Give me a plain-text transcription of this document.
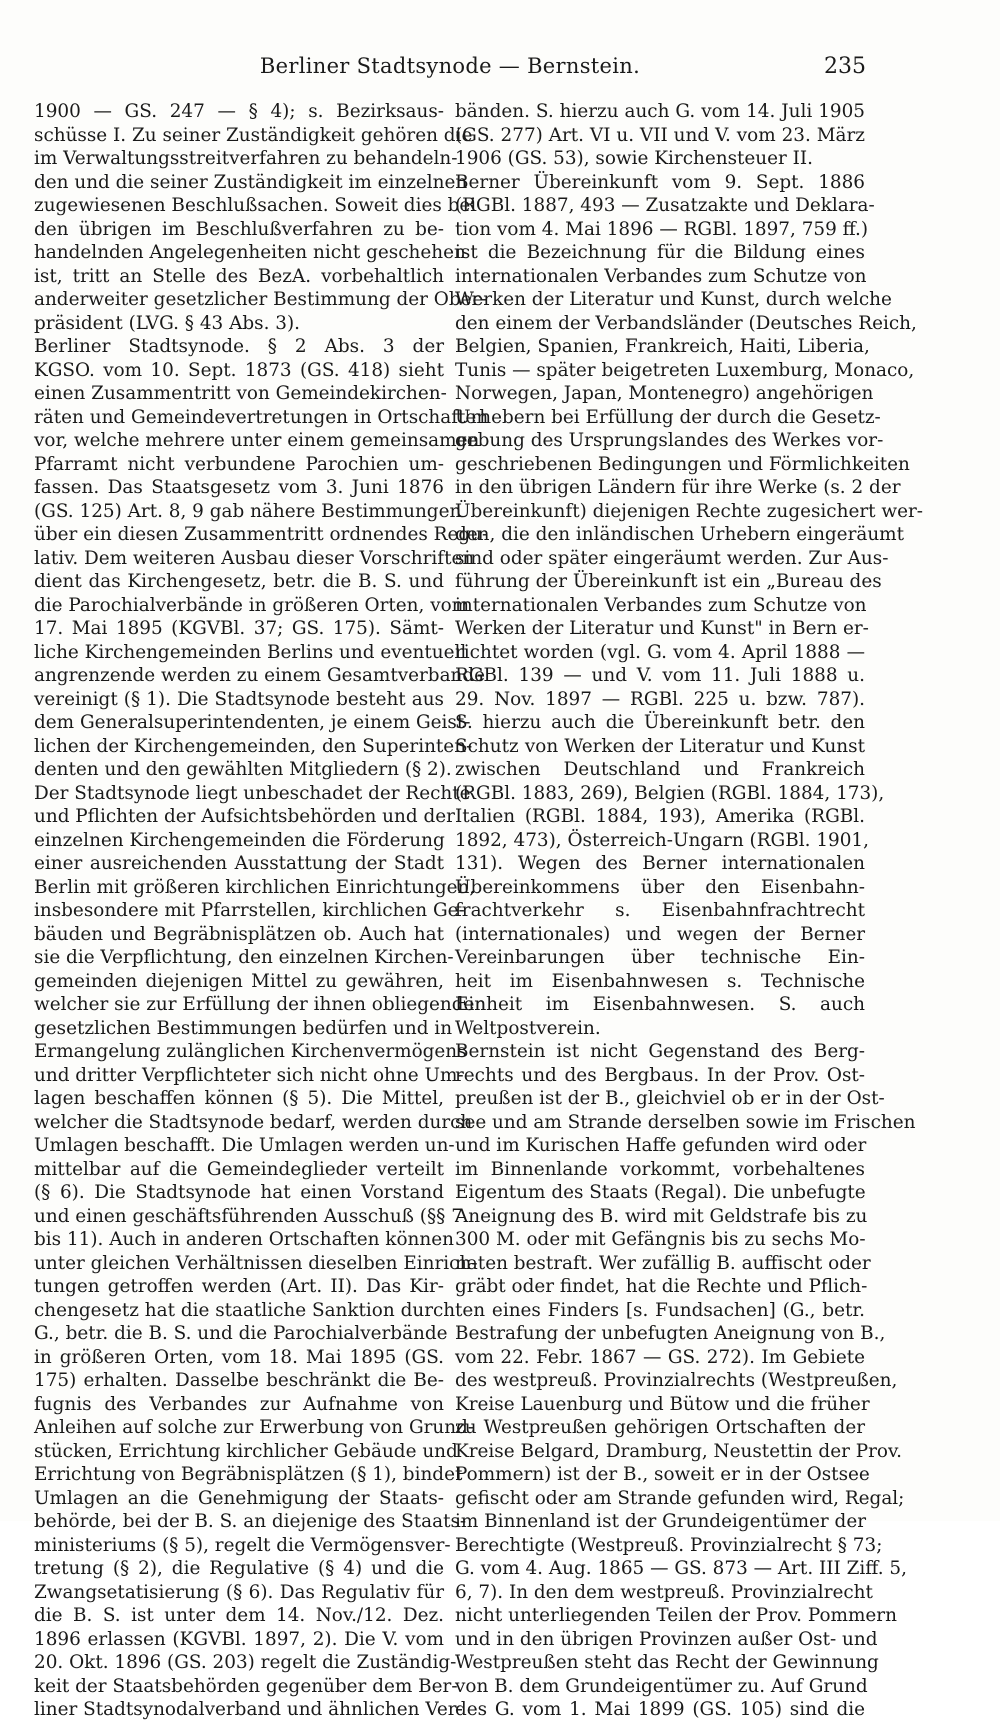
Berliner Stadtsynode — Bernstein.	235
1900 — GS. 247 — § 4); s. Bezirksaus-
schüsse I. Zu seiner Zuständigkeit gehören die
im Verwaltungsstreitverfahren zu behandeln-
den und die seiner Zuständigkeit im einzelnen
zugewiesenen Beschlußsachen. Soweit dies bei
den übrigen im Beschlußverfahren zu be-
handelnden Angelegenheiten nicht geschehen
ist, tritt an Stelle des BezA. vorbehaltlich
anderweiter gesetzlicher Bestimmung der Ober-
präsident (LVG. § 43 Abs. 3).
Berliner Stadtsynode. § 2 Abs. 3 der
KGSO. vom 10. Sept. 1873 (GS. 418) sieht
einen Zusammentritt von Gemeindekirchen-
räten und Gemeindevertretungen in Ortschaften
vor, welche mehrere unter einem gemeinsamen
Pfarramt nicht verbundene Parochien um-
fassen. Das Staatsgesetz vom 3. Juni 1876
(GS. 125) Art. 8, 9 gab nähere Bestimmungen
über ein diesen Zusammentritt ordnendes Regu-
lativ. Dem weiteren Ausbau dieser Vorschriften
dient das Kirchengesetz, betr. die B. S. und
die Parochialverbände in größeren Orten, vom
17. Mai 1895 (KGVBl. 37; GS. 175). Sämt-
liche Kirchengemeinden Berlins und eventuell
angrenzende werden zu einem Gesamtverbande
vereinigt (§ 1). Die Stadtsynode besteht aus
dem Generalsuperintendenten, je einem Geist-
lichen der Kirchengemeinden, den Superinten-
denten und den gewählten Mitgliedern (§ 2).
Der Stadtsynode liegt unbeschadet der Rechte
und Pflichten der Aufsichtsbehörden und der
einzelnen Kirchengemeinden die Förderung
einer ausreichenden Ausstattung der Stadt
Berlin mit größeren kirchlichen Einrichtungen,
insbesondere mit Pfarrstellen, kirchlichen Ge-
bäuden und Begräbnisplätzen ob. Auch hat
sie die Verpflichtung, den einzelnen Kirchen-
gemeinden diejenigen Mittel zu gewähren,
welcher sie zur Erfüllung der ihnen obliegenden
gesetzlichen Bestimmungen bedürfen und in
Ermangelung zulänglichen Kirchenvermögens
und dritter Verpflichteter sich nicht ohne Um-
lagen beschaffen können (§ 5). Die Mittel,
welcher die Stadtsynode bedarf, werden durch
Umlagen beschafft. Die Umlagen werden un-
mittelbar auf die Gemeindeglieder verteilt
(§ 6). Die Stadtsynode hat einen Vorstand
und einen geschäftsführenden Ausschuß (§§ 7
bis 11). Auch in anderen Ortschaften können
unter gleichen Verhältnissen dieselben Einrich-
tungen getroffen werden (Art. II). Das Kir-
chengesetz hat die staatliche Sanktion durch
G., betr. die B. S. und die Parochialverbände
in größeren Orten, vom 18. Mai 1895 (GS.
175) erhalten. Dasselbe beschränkt die Be-
fugnis des Verbandes zur Aufnahme von
Anleihen auf solche zur Erwerbung von Grund-
stücken, Errichtung kirchlicher Gebäude und
Errichtung von Begräbnisplätzen (§ 1), bindet
Umlagen an die Genehmigung der Staats-
behörde, bei der B. S. an diejenige des Staats-
ministeriums (§ 5), regelt die Vermögensver-
tretung (§ 2), die Regulative (§ 4) und die
Zwangsetatisierung (§ 6). Das Regulativ für
die B. S. ist unter dem 14. Nov./12. Dez.
1896 erlassen (KGVBl. 1897, 2). Die V. vom
20. Okt. 1896 (GS. 203) regelt die Zuständig-
keit der Staatsbehörden gegenüber dem Ber-
liner Stadtsynodalverband und ähnlichen Ver-
bänden. S. hierzu auch G. vom 14. Juli 1905
(GS. 277) Art. VI u. VII und V. vom 23. März
1906 (GS. 53), sowie Kirchensteuer II.
Berner Übereinkunft vom 9. Sept. 1886
(RGBl. 1887, 493 — Zusatzakte und Deklara-
tion vom 4. Mai 1896 — RGBl. 1897, 759 ff.)
ist die Bezeichnung für die Bildung eines
internationalen Verbandes zum Schutze von
Werken der Literatur und Kunst, durch welche
den einem der Verbandsländer (Deutsches Reich,
Belgien, Spanien, Frankreich, Haiti, Liberia,
Tunis — später beigetreten Luxemburg, Monaco,
Norwegen, Japan, Montenegro) angehörigen
Urhebern bei Erfüllung der durch die Gesetz-
gebung des Ursprungslandes des Werkes vor-
geschriebenen Bedingungen und Förmlichkeiten
in den übrigen Ländern für ihre Werke (s. 2 der
Übereinkunft) diejenigen Rechte zugesichert wer-
den, die den inländischen Urhebern eingeräumt
sind oder später eingeräumt werden. Zur Aus-
führung der Übereinkunft ist ein „Bureau des
internationalen Verbandes zum Schutze von
Werken der Literatur und Kunst" in Bern er-
richtet worden (vgl. G. vom 4. April 1888 —
RGBl. 139 — und V. vom 11. Juli 1888 u.
29. Nov. 1897 — RGBl. 225 u. bzw. 787).
S. hierzu auch die Übereinkunft betr. den
Schutz von Werken der Literatur und Kunst
zwischen Deutschland und Frankreich
(RGBl. 1883, 269), Belgien (RGBl. 1884, 173),
Italien (RGBl. 1884, 193), Amerika (RGBl.
1892, 473), Österreich-Ungarn (RGBl. 1901,
131). Wegen des Berner internationalen
Übereinkommens über den Eisenbahn-
frachtverkehr s. Eisenbahnfrachtrecht
(internationales) und wegen der Berner
Vereinbarungen über technische Ein-
heit im Eisenbahnwesen s. Technische
Einheit im Eisenbahnwesen. S. auch
Weltpostverein.
Bernstein ist nicht Gegenstand des Berg-
rechts und des Bergbaus. In der Prov. Ost-
preußen ist der B., gleichviel ob er in der Ost-
see und am Strande derselben sowie im Frischen
und im Kurischen Haffe gefunden wird oder
im Binnenlande vorkommt, vorbehaltenes
Eigentum des Staats (Regal). Die unbefugte
Aneignung des B. wird mit Geldstrafe bis zu
300 M. oder mit Gefängnis bis zu sechs Mo-
naten bestraft. Wer zufällig B. auffischt oder
gräbt oder findet, hat die Rechte und Pflich-
ten eines Finders [s. Fundsachen] (G., betr.
Bestrafung der unbefugten Aneignung von B.,
vom 22. Febr. 1867 — GS. 272). Im Gebiete
des westpreuß. Provinzialrechts (Westpreußen,
Kreise Lauenburg und Bütow und die früher
zu Westpreußen gehörigen Ortschaften der
Kreise Belgard, Dramburg, Neustettin der Prov.
Pommern) ist der B., soweit er in der Ostsee
gefischt oder am Strande gefunden wird, Regal;
im Binnenland ist der Grundeigentümer der
Berechtigte (Westpreuß. Provinzialrecht § 73;
G. vom 4. Aug. 1865 — GS. 873 — Art. III Ziff. 5,
6, 7). In den dem westpreuß. Provinzialrecht
nicht unterliegenden Teilen der Prov. Pommern
und in den übrigen Provinzen außer Ost- und
Westpreußen steht das Recht der Gewinnung
von B. dem Grundeigentümer zu. Auf Grund
des G. vom 1. Mai 1899 (GS. 105) sind die
